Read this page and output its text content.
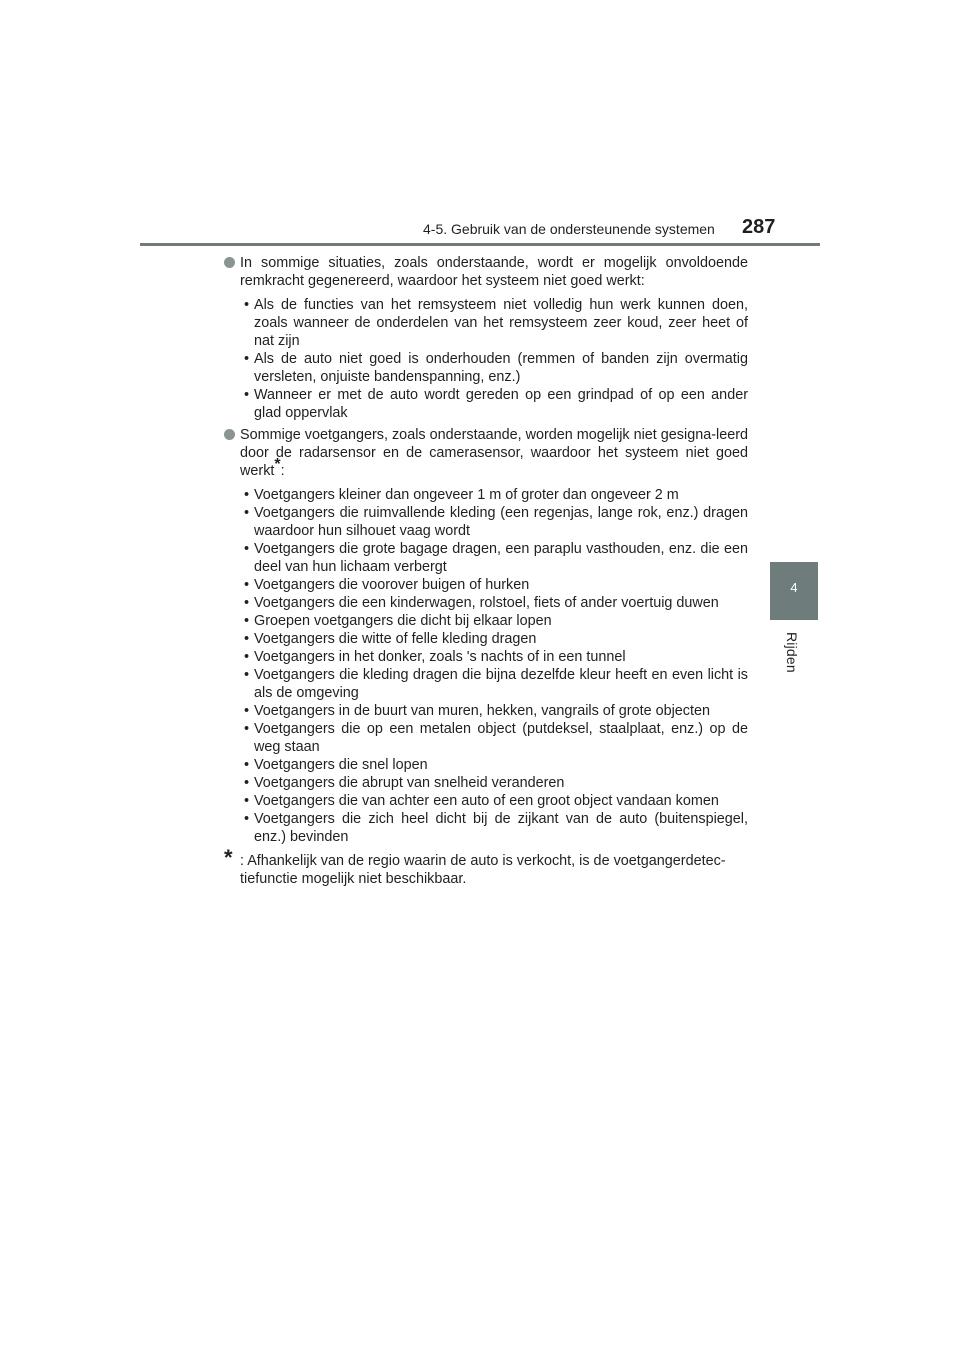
4-5. Gebruik van de ondersteunende systemen 287
4
Rijden
In sommige situaties, zoals onderstaande, wordt er mogelijk onvoldoende remkracht gegenereerd, waardoor het systeem niet goed werkt:
• Als de functies van het remsysteem niet volledig hun werk kunnen doen, zoals wanneer de onderdelen van het remsysteem zeer koud, zeer heet of nat zijn
• Als de auto niet goed is onderhouden (remmen of banden zijn overmatig versleten, onjuiste bandenspanning, enz.)
• Wanneer er met de auto wordt gereden op een grindpad of op een ander glad oppervlak
Sommige voetgangers, zoals onderstaande, worden mogelijk niet gesigna-leerd door de radarsensor en de camerasensor, waardoor het systeem niet goed werkt*:
• Voetgangers kleiner dan ongeveer 1 m of groter dan ongeveer 2 m
• Voetgangers die ruimvallende kleding (een regenjas, lange rok, enz.) dragen waardoor hun silhouet vaag wordt
• Voetgangers die grote bagage dragen, een paraplu vasthouden, enz. die een deel van hun lichaam verbergt
• Voetgangers die voorover buigen of hurken
• Voetgangers die een kinderwagen, rolstoel, fiets of ander voertuig duwen
• Groepen voetgangers die dicht bij elkaar lopen
• Voetgangers die witte of felle kleding dragen
• Voetgangers in het donker, zoals 's nachts of in een tunnel
• Voetgangers die kleding dragen die bijna dezelfde kleur heeft en even licht is als de omgeving
• Voetgangers in de buurt van muren, hekken, vangrails of grote objecten
• Voetgangers die op een metalen object (putdeksel, staalplaat, enz.) op de weg staan
• Voetgangers die snel lopen
• Voetgangers die abrupt van snelheid veranderen
• Voetgangers die van achter een auto of een groot object vandaan komen
• Voetgangers die zich heel dicht bij de zijkant van de auto (buitenspiegel, enz.) bevinden
* : Afhankelijk van de regio waarin de auto is verkocht, is de voetgangerdetec-tiefunctie mogelijk niet beschikbaar.
